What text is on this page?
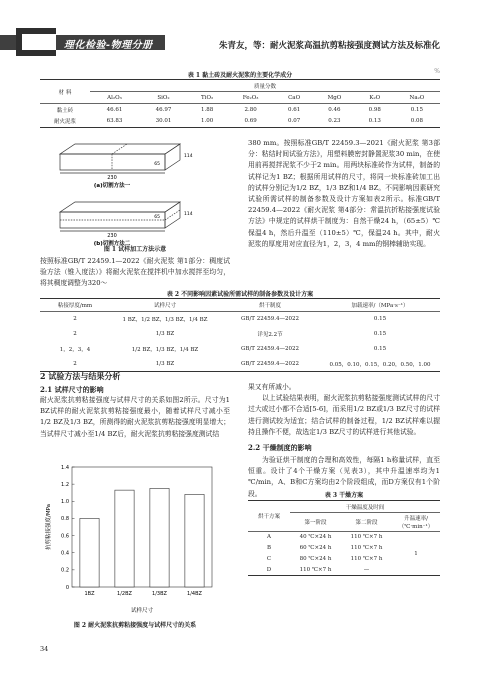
理化检验-物理分册	朱青友，等：耐火泥浆高温抗剪粘接强度测试方法及标准化
表 1 黏土砖及耐火泥浆的主要化学成分
%
材 料	质量分数							
	Al₂O₃	SiO₂	TiO₂	Fe₂O₃	CaO	MgO	K₂O	Na₂O
黏土砖	46.61	46.97	1.88	2.80	0.61	0.46	0.98	0.15
耐火泥浆	63.83	30.01	1.00	0.69	0.07	0.23	0.13	0.08
230
65
114
(a)切割方法一
230
65
114
(b)切割方法二
图 1 试样加工方法示意
按照标准GB/T 22459.1—2022《耐火泥浆 第1部分：稠度试验方法（锥入度法）》将耐火泥浆在搅拌机中加水搅拌至均匀，将其稠度调整为320～
380 mm。按照标准GB/T 22459.3—2021《耐火泥浆 第3部分：粘结时间试验方法》，用塑料膜密封静置泥浆30 min，在使用前再搅拌泥浆不少于2 min。用两块标准砖作为试样，制备的试样记为1 BZ；根据所用试样的尺寸，将同一块标准砖加工出的试样分别记为1/2 BZ，1/3 BZ和1/4 BZ。不同影响因素研究试验所需试样的制备参数及设计方案如表2所示。标准GB/T 22459.4—2022《耐火泥浆 第4部分：常温抗折粘接强度试验方法》中规定的试样烘干制度为：自然干燥24 h，（65±5）℃保温4 h，然后升温至（110±5）℃，保温24 h。其中，耐火泥浆的厚度用对应直径为1，2，3，4 mm的钢棒辅助实现。
表 2 不同影响因素试验所需试样的制备参数及设计方案
粘接厚度/mm	试样尺寸	烘干制度	加载速率/（MPa·s⁻¹）
2	1 BZ，1/2 BZ，1/3 BZ，1/4 BZ	GB/T 22459.4—2022	0.15
2	1/3 BZ	详见2.2节	0.15
1，2，3，4	1/2 BZ，1/3 BZ，1/4 BZ	GB/T 22459.4—2022	0.15
2	1/3 BZ	GB/T 22459.4—2022	0.05，0.10，0.15，0.20，0.50，1.00
2 试验方法与结果分析
2.1 试样尺寸的影响
耐火泥浆抗剪粘接强度与试样尺寸的关系如图2所示。尺寸为1 BZ试样的耐火泥浆抗剪粘接强度最小，随着试样尺寸减小至1/2 BZ及1/3 BZ，所测得的耐火泥浆抗剪粘接强度明显增大；当试样尺寸减小至1/4 BZ后，耐火泥浆抗剪粘接强度测试结
果又有所减小。
以上试验结果表明，耐火泥浆抗剪粘接强度测试试样的尺寸过大或过小都不合适[5-6]，而采用1/2 BZ或1/3 BZ尺寸的试样进行测试较为适宜；结合试样的制备过程，1/2 BZ试样难以握持且操作不便，故选定1/3 BZ尺寸的试样进行其他试验。
2.2 干燥制度的影响
为验证烘干制度的合理和高效性，每隔1 h称量试样，直至恒重。设计了4个干燥方案（见表3），其中升温速率均为1 ℃/min，A、B和C方案均由2个阶段组成，而D方案仅有1个阶段。
0
0.2
0.4
0.6
0.8
1.0
1.2
1.4
1BZ	1/2BZ	1/3BZ	1/4BZ
试样尺寸
抗剪粘接强度/MPa
图 2 耐火泥浆抗剪粘接强度与试样尺寸的关系
表 3 干燥方案
烘干方案	干燥温度及时间		
	第一阶段	第二阶段	升温速率/（℃·min⁻¹）
A	40 ℃×24 h	110 ℃×7 h	1
B	60 ℃×24 h	110 ℃×7 h	
C	80 ℃×24 h	110 ℃×7 h	
D	110 ℃×7 h	—	
34
